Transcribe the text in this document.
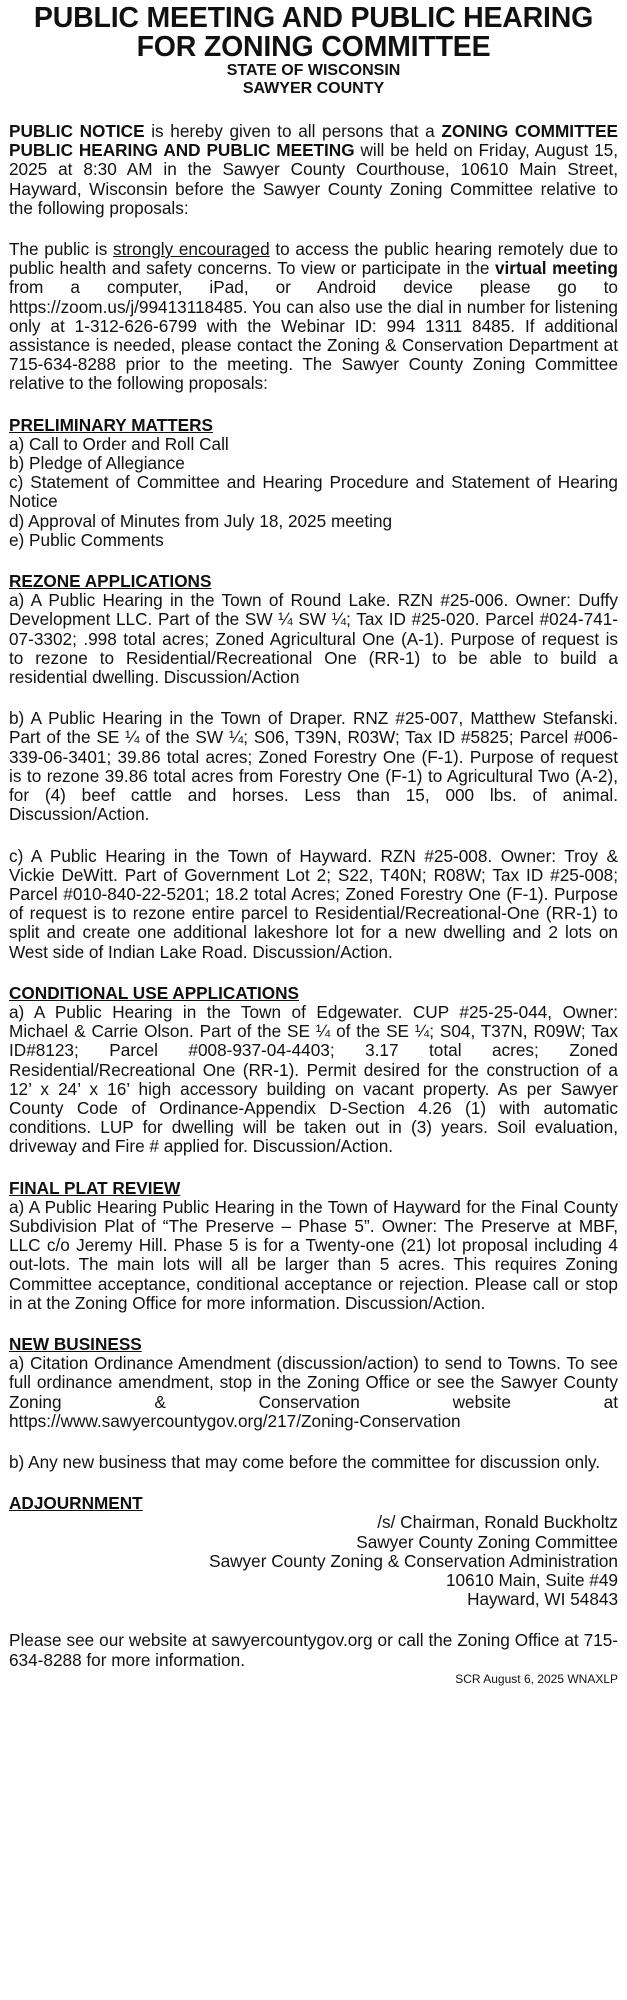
PUBLIC MEETING AND PUBLIC HEARING FOR ZONING COMMITTEE
STATE OF WISCONSIN
SAWYER COUNTY

PUBLIC NOTICE is hereby given to all persons that a ZONING COMMITTEE PUBLIC HEARING AND PUBLIC MEETING will be held on Friday, August 15, 2025 at 8:30 AM in the Sawyer County Courthouse, 10610 Main Street, Hayward, Wisconsin before the Sawyer County Zoning Committee relative to the following proposals:

The public is strongly encouraged to access the public hearing remotely due to public health and safety concerns. To view or participate in the virtual meeting from a computer, iPad, or Android device please go to https://zoom.us/j/99413118485. You can also use the dial in number for listening only at 1-312-626-6799 with the Webinar ID: 994 1311 8485. If additional assistance is needed, please contact the Zoning & Conservation Department at 715-634-8288 prior to the meeting. The Sawyer County Zoning Committee relative to the following proposals:

PRELIMINARY MATTERS
a) Call to Order and Roll Call
b) Pledge of Allegiance
c) Statement of Committee and Hearing Procedure and Statement of Hearing Notice
d) Approval of Minutes from July 18, 2025 meeting
e) Public Comments
REZONE APPLICATIONS

a) A Public Hearing in the Town of Round Lake. RZN #25-006. Owner: Duffy Development LLC. Part of the SW ¼ SW ¼; Tax ID #25-020. Parcel #024-741-07-3302; .998 total acres; Zoned Agricultural One (A-1). Purpose of request is to rezone to Residential/Recreational One (RR-1) to be able to build a residential dwelling. Discussion/Action

b) A Public Hearing in the Town of Draper. RNZ #25-007, Matthew Stefanski. Part of the SE ¼ of the SW ¼; S06, T39N, R03W; Tax ID #5825; Parcel #006-339-06-3401; 39.86 total acres; Zoned Forestry One (F-1). Purpose of request is to rezone 39.86 total acres from Forestry One (F-1) to Agricultural Two (A-2), for (4) beef cattle and horses. Less than 15, 000 lbs. of animal. Discussion/Action.

c) A Public Hearing in the Town of Hayward. RZN #25-008. Owner: Troy & Vickie DeWitt. Part of Government Lot 2; S22, T40N; R08W; Tax ID #25-008; Parcel #010-840-22-5201; 18.2 total Acres; Zoned Forestry One (F-1). Purpose of request is to rezone entire parcel to Residential/Recreational-One (RR-1) to split and create one additional lakeshore lot for a new dwelling and 2 lots on West side of Indian Lake Road. Discussion/Action.

CONDITIONAL USE APPLICATIONS

a) A Public Hearing in the Town of Edgewater. CUP #25-25-044, Owner: Michael & Carrie Olson. Part of the SE ¼ of the SE ¼; S04, T37N, R09W; Tax ID#8123; Parcel #008-937-04-4403; 3.17 total acres; Zoned Residential/Recreational One (RR-1). Permit desired for the construction of a 12’ x 24’ x 16’ high accessory building on vacant property. As per Sawyer County Code of Ordinance-Appendix D-Section 4.26 (1) with automatic conditions. LUP for dwelling will be taken out in (3) years. Soil evaluation, driveway and Fire # applied for. Discussion/Action.

FINAL PLAT REVIEW

a) A Public Hearing Public Hearing in the Town of Hayward for the Final County Subdivision Plat of “The Preserve – Phase 5”. Owner: The Preserve at MBF, LLC c/o Jeremy Hill. Phase 5 is for a Twenty-one (21) lot proposal including 4 out-lots. The main lots will all be larger than 5 acres. This requires Zoning Committee acceptance, conditional acceptance or rejection. Please call or stop in at the Zoning Office for more information. Discussion/Action.

NEW BUSINESS

a) Citation Ordinance Amendment (discussion/action) to send to Towns. To see full ordinance amendment, stop in the Zoning Office or see the Sawyer County Zoning & Conservation website at https://www.sawyercountygov.org/217/Zoning-Conservation

b) Any new business that may come before the committee for discussion only.

ADJOURNMENT
/s/ Chairman, Ronald Buckholtz
Sawyer County Zoning Committee
Sawyer County Zoning & Conservation Administration
10610 Main, Suite #49
Hayward, WI 54843

Please see our website at sawyercountygov.org or call the Zoning Office at 715-634-8288 for more information.

SCR August 6, 2025 WNAXLP
